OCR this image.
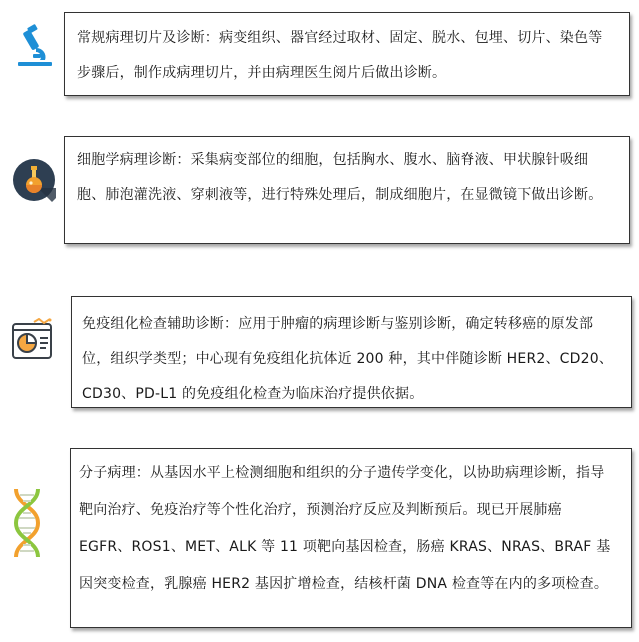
常规病理切片及诊断：病变组织、器官经过取材、固定、脱水、包埋、切片、染色等步骤后，制作成病理切片，并由病理医生阅片后做出诊断。

细胞学病理诊断：采集病变部位的细胞，包括胸水、腹水、脑脊液、甲状腺针吸细胞、肺泡灌洗液、穿刺液等，进行特殊处理后，制成细胞片，在显微镜下做出诊断。

免疫组化检查辅助诊断：应用于肿瘤的病理诊断与鉴别诊断，确定转移癌的原发部位，组织学类型；中心现有免疫组化抗体近 200 种，其中伴随诊断 HER2、CD20、CD30、PD-L1 的免疫组化检查为临床治疗提供依据。

分子病理：从基因水平上检测细胞和组织的分子遗传学变化，以协助病理诊断，指导靶向治疗、免疫治疗等个性化治疗，预测治疗反应及判断预后。现已开展肺癌 EGFR、ROS1、MET、ALK 等 11 项靶向基因检查，肠癌 KRAS、NRAS、BRAF 基因突变检查，乳腺癌 HER2 基因扩增检查，结核杆菌 DNA 检查等在内的多项检查。
